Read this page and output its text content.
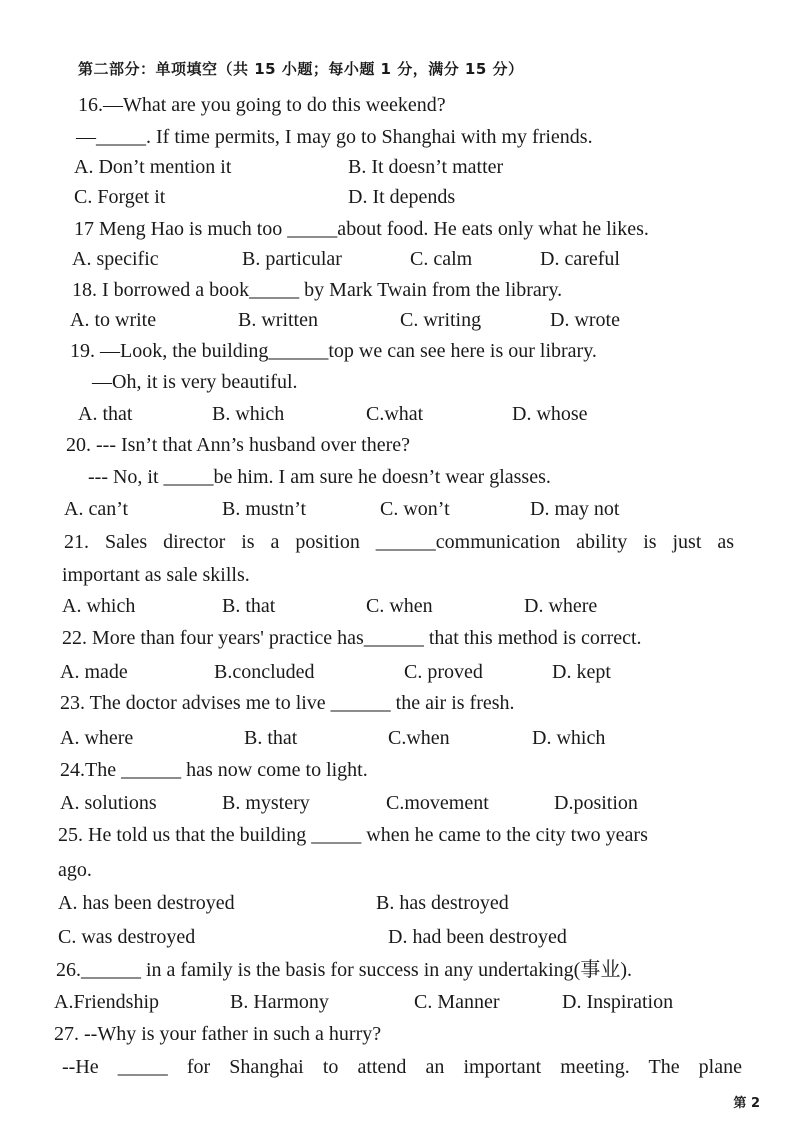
第二部分：单项填空（共 15 小题；每小题 1 分，满分 15 分）
16.—What are you going to do this weekend?
—_____. If time permits, I may go to Shanghai with my friends.
A. Don’t mention it	B. It doesn’t matter
C. Forget it	D. It depends
17 Meng Hao is much too _____about food. He eats only what he likes.
A. specific	B. particular	C. calm	D. careful
18. I borrowed a book_____ by Mark Twain from the library.
A. to write	B. written	C. writing	D. wrote
19. —Look, the building______top we can see here is our library.
—Oh, it is very beautiful.
A. that	B. which	C.what	D. whose
20. --- Isn’t that Ann’s husband over there?
--- No, it _____be him. I am sure he doesn’t wear glasses.
A. can’t	B. mustn’t	C. won’t	D. may not
21. Sales director is a position ______communication ability is just as
important as sale skills.
A. which	B. that	C. when	D. where
22. More than four years' practice has______ that this method is correct.
A. made	B.concluded	C. proved	D. kept
23. The doctor advises me to live ______ the air is fresh.
A. where	B. that	C.when	D. which
24.The ______ has now come to light.
A. solutions	B. mystery	C.movement	D.position
25. He told us that the building _____ when he came to the city two years
ago.
A. has been destroyed	B. has destroyed
C. was destroyed	D. had been destroyed
26.______ in a family is the basis for success in any undertaking(事业).
A.Friendship	B. Harmony	C. Manner	D. Inspiration
27. --Why is your father in such a hurry?
--He _____ for Shanghai to attend an important meeting. The plane
第 2
